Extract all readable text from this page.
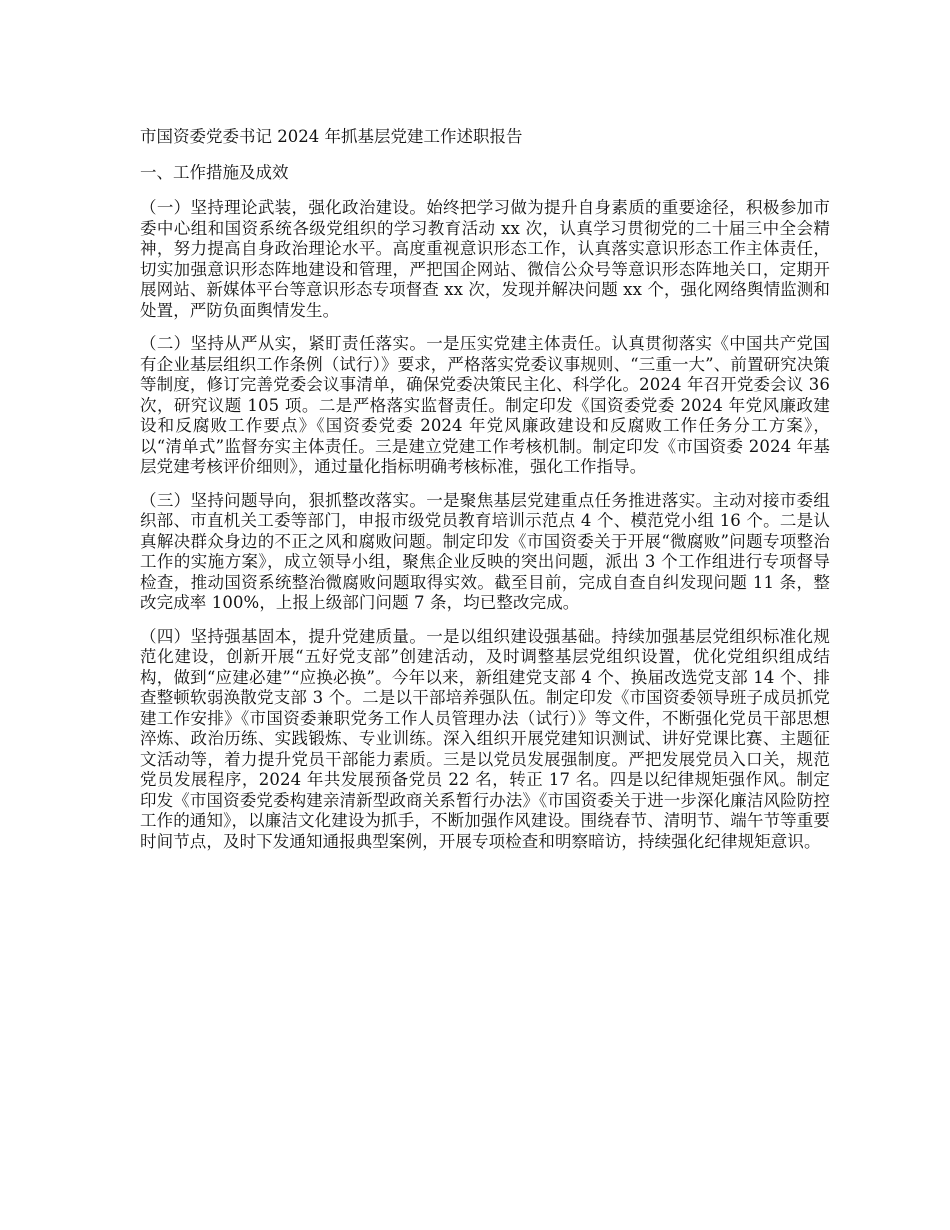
市国资委党委书记 2024 年抓基层党建工作述职报告
一、工作措施及成效

（一）坚持理论武装，强化政治建设。始终把学习做为提升自身素质的重要途径，积极参加市委中心组和国资系统各级党组织的学习教育活动 xx 次，认真学习贯彻党的二十届三中全会精神，努力提高自身政治理论水平。高度重视意识形态工作，认真落实意识形态工作主体责任，切实加强意识形态阵地建设和管理，严把国企网站、微信公众号等意识形态阵地关口，定期开展网站、新媒体平台等意识形态专项督查 xx 次，发现并解决问题 xx 个，强化网络舆情监测和处置，严防负面舆情发生。

（二）坚持从严从实，紧盯责任落实。一是压实党建主体责任。认真贯彻落实《中国共产党国有企业基层组织工作条例（试行）》要求，严格落实党委议事规则、“三重一大”、前置研究决策等制度，修订完善党委会议事清单，确保党委决策民主化、科学化。2024 年召开党委会议 36 次，研究议题 105 项。二是严格落实监督责任。制定印发《国资委党委 2024 年党风廉政建设和反腐败工作要点》《国资委党委 2024 年党风廉政建设和反腐败工作任务分工方案》，以“清单式”监督夯实主体责任。三是建立党建工作考核机制。制定印发《市国资委 2024 年基层党建考核评价细则》，通过量化指标明确考核标准，强化工作指导。

（三）坚持问题导向，狠抓整改落实。一是聚焦基层党建重点任务推进落实。主动对接市委组织部、市直机关工委等部门，申报市级党员教育培训示范点 4 个、模范党小组 16 个。二是认真解决群众身边的不正之风和腐败问题。制定印发《市国资委关于开展“微腐败”问题专项整治工作的实施方案》，成立领导小组，聚焦企业反映的突出问题，派出 3 个工作组进行专项督导检查，推动国资系统整治微腐败问题取得实效。截至目前，完成自查自纠发现问题 11 条，整改完成率 100%，上报上级部门问题 7 条，均已整改完成。

（四）坚持强基固本，提升党建质量。一是以组织建设强基础。持续加强基层党组织标准化规范化建设，创新开展“五好党支部”创建活动，及时调整基层党组织设置，优化党组织组成结构，做到“应建必建”“应换必换”。今年以来，新组建党支部 4 个、换届改选党支部 14 个、排查整顿软弱涣散党支部 3 个。二是以干部培养强队伍。制定印发《市国资委领导班子成员抓党建工作安排》《市国资委兼职党务工作人员管理办法（试行）》等文件，不断强化党员干部思想淬炼、政治历练、实践锻炼、专业训练。深入组织开展党建知识测试、讲好党课比赛、主题征文活动等，着力提升党员干部能力素质。三是以党员发展强制度。严把发展党员入口关，规范党员发展程序，2024 年共发展预备党员 22 名，转正 17 名。四是以纪律规矩强作风。制定印发《市国资委党委构建亲清新型政商关系暂行办法》《市国资委关于进一步深化廉洁风险防控工作的通知》，以廉洁文化建设为抓手，不断加强作风建设。围绕春节、清明节、端午节等重要时间节点，及时下发通知通报典型案例，开展专项检查和明察暗访，持续强化纪律规矩意识。
